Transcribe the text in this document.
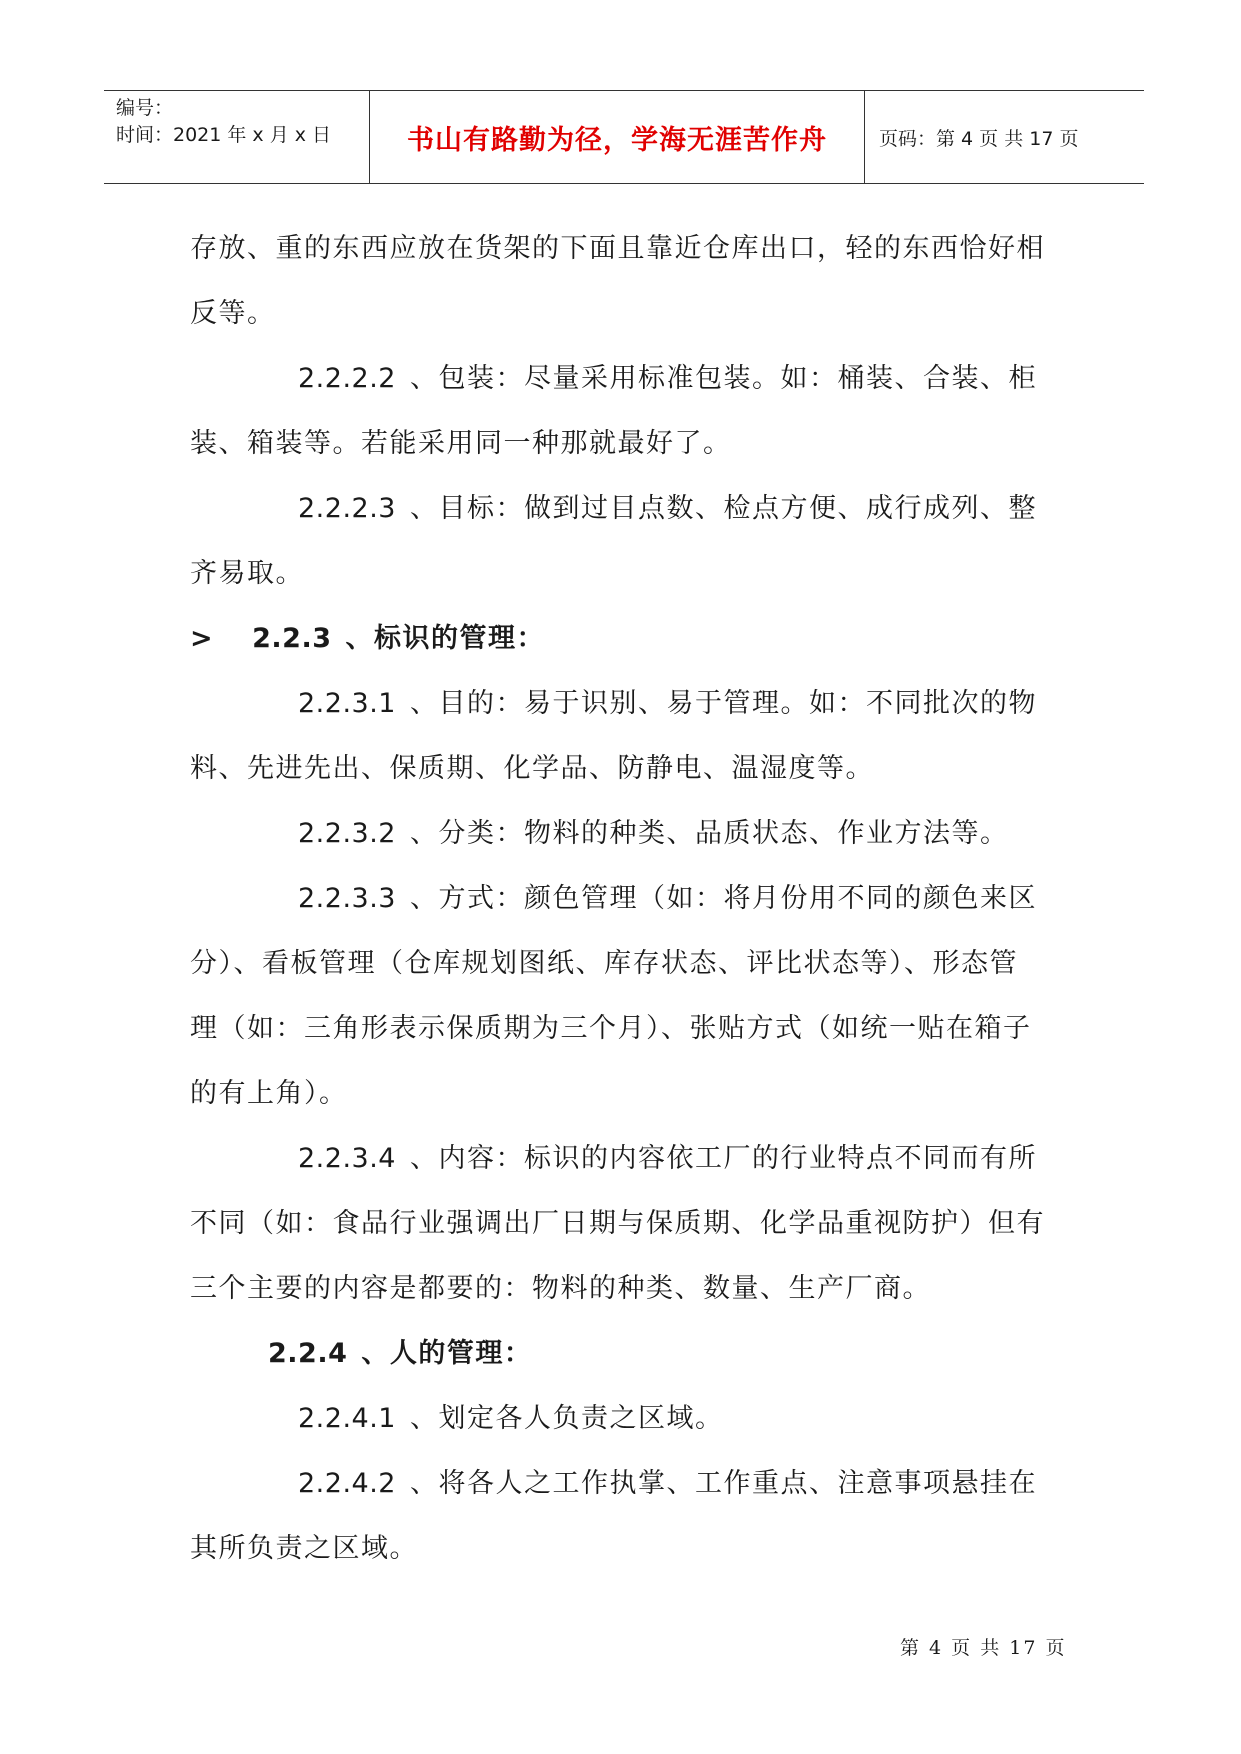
编号：
时间：2021 年 x 月 x 日	书山有路勤为径，学海无涯苦作舟	页码：第 4 页 共 17 页
存放、重的东西应放在货架的下面且靠近仓库出口，轻的东西恰好相
反等。
2.2.2.2 、包装：尽量采用标准包装。如：桶装、合装、柜
装、箱装等。若能采用同一种那就最好了。
2.2.2.3 、目标：做到过目点数、检点方便、成行成列、整
齐易取。
> 2.2.3 、标识的管理：
2.2.3.1 、目的：易于识别、易于管理。如：不同批次的物
料、先进先出、保质期、化学品、防静电、温湿度等。
2.2.3.2 、分类：物料的种类、品质状态、作业方法等。
2.2.3.3 、方式：颜色管理（如：将月份用不同的颜色来区
分）、看板管理（仓库规划图纸、库存状态、评比状态等）、形态管
理（如：三角形表示保质期为三个月）、张贴方式（如统一贴在箱子
的有上角）。
2.2.3.4 、内容：标识的内容依工厂的行业特点不同而有所
不同（如：食品行业强调出厂日期与保质期、化学品重视防护）但有
三个主要的内容是都要的：物料的种类、数量、生产厂商。
2.2.4 、人的管理：
2.2.4.1 、划定各人负责之区域。
2.2.4.2 、将各人之工作执掌、工作重点、注意事项悬挂在
其所负责之区域。
第 4 页 共 17 页
